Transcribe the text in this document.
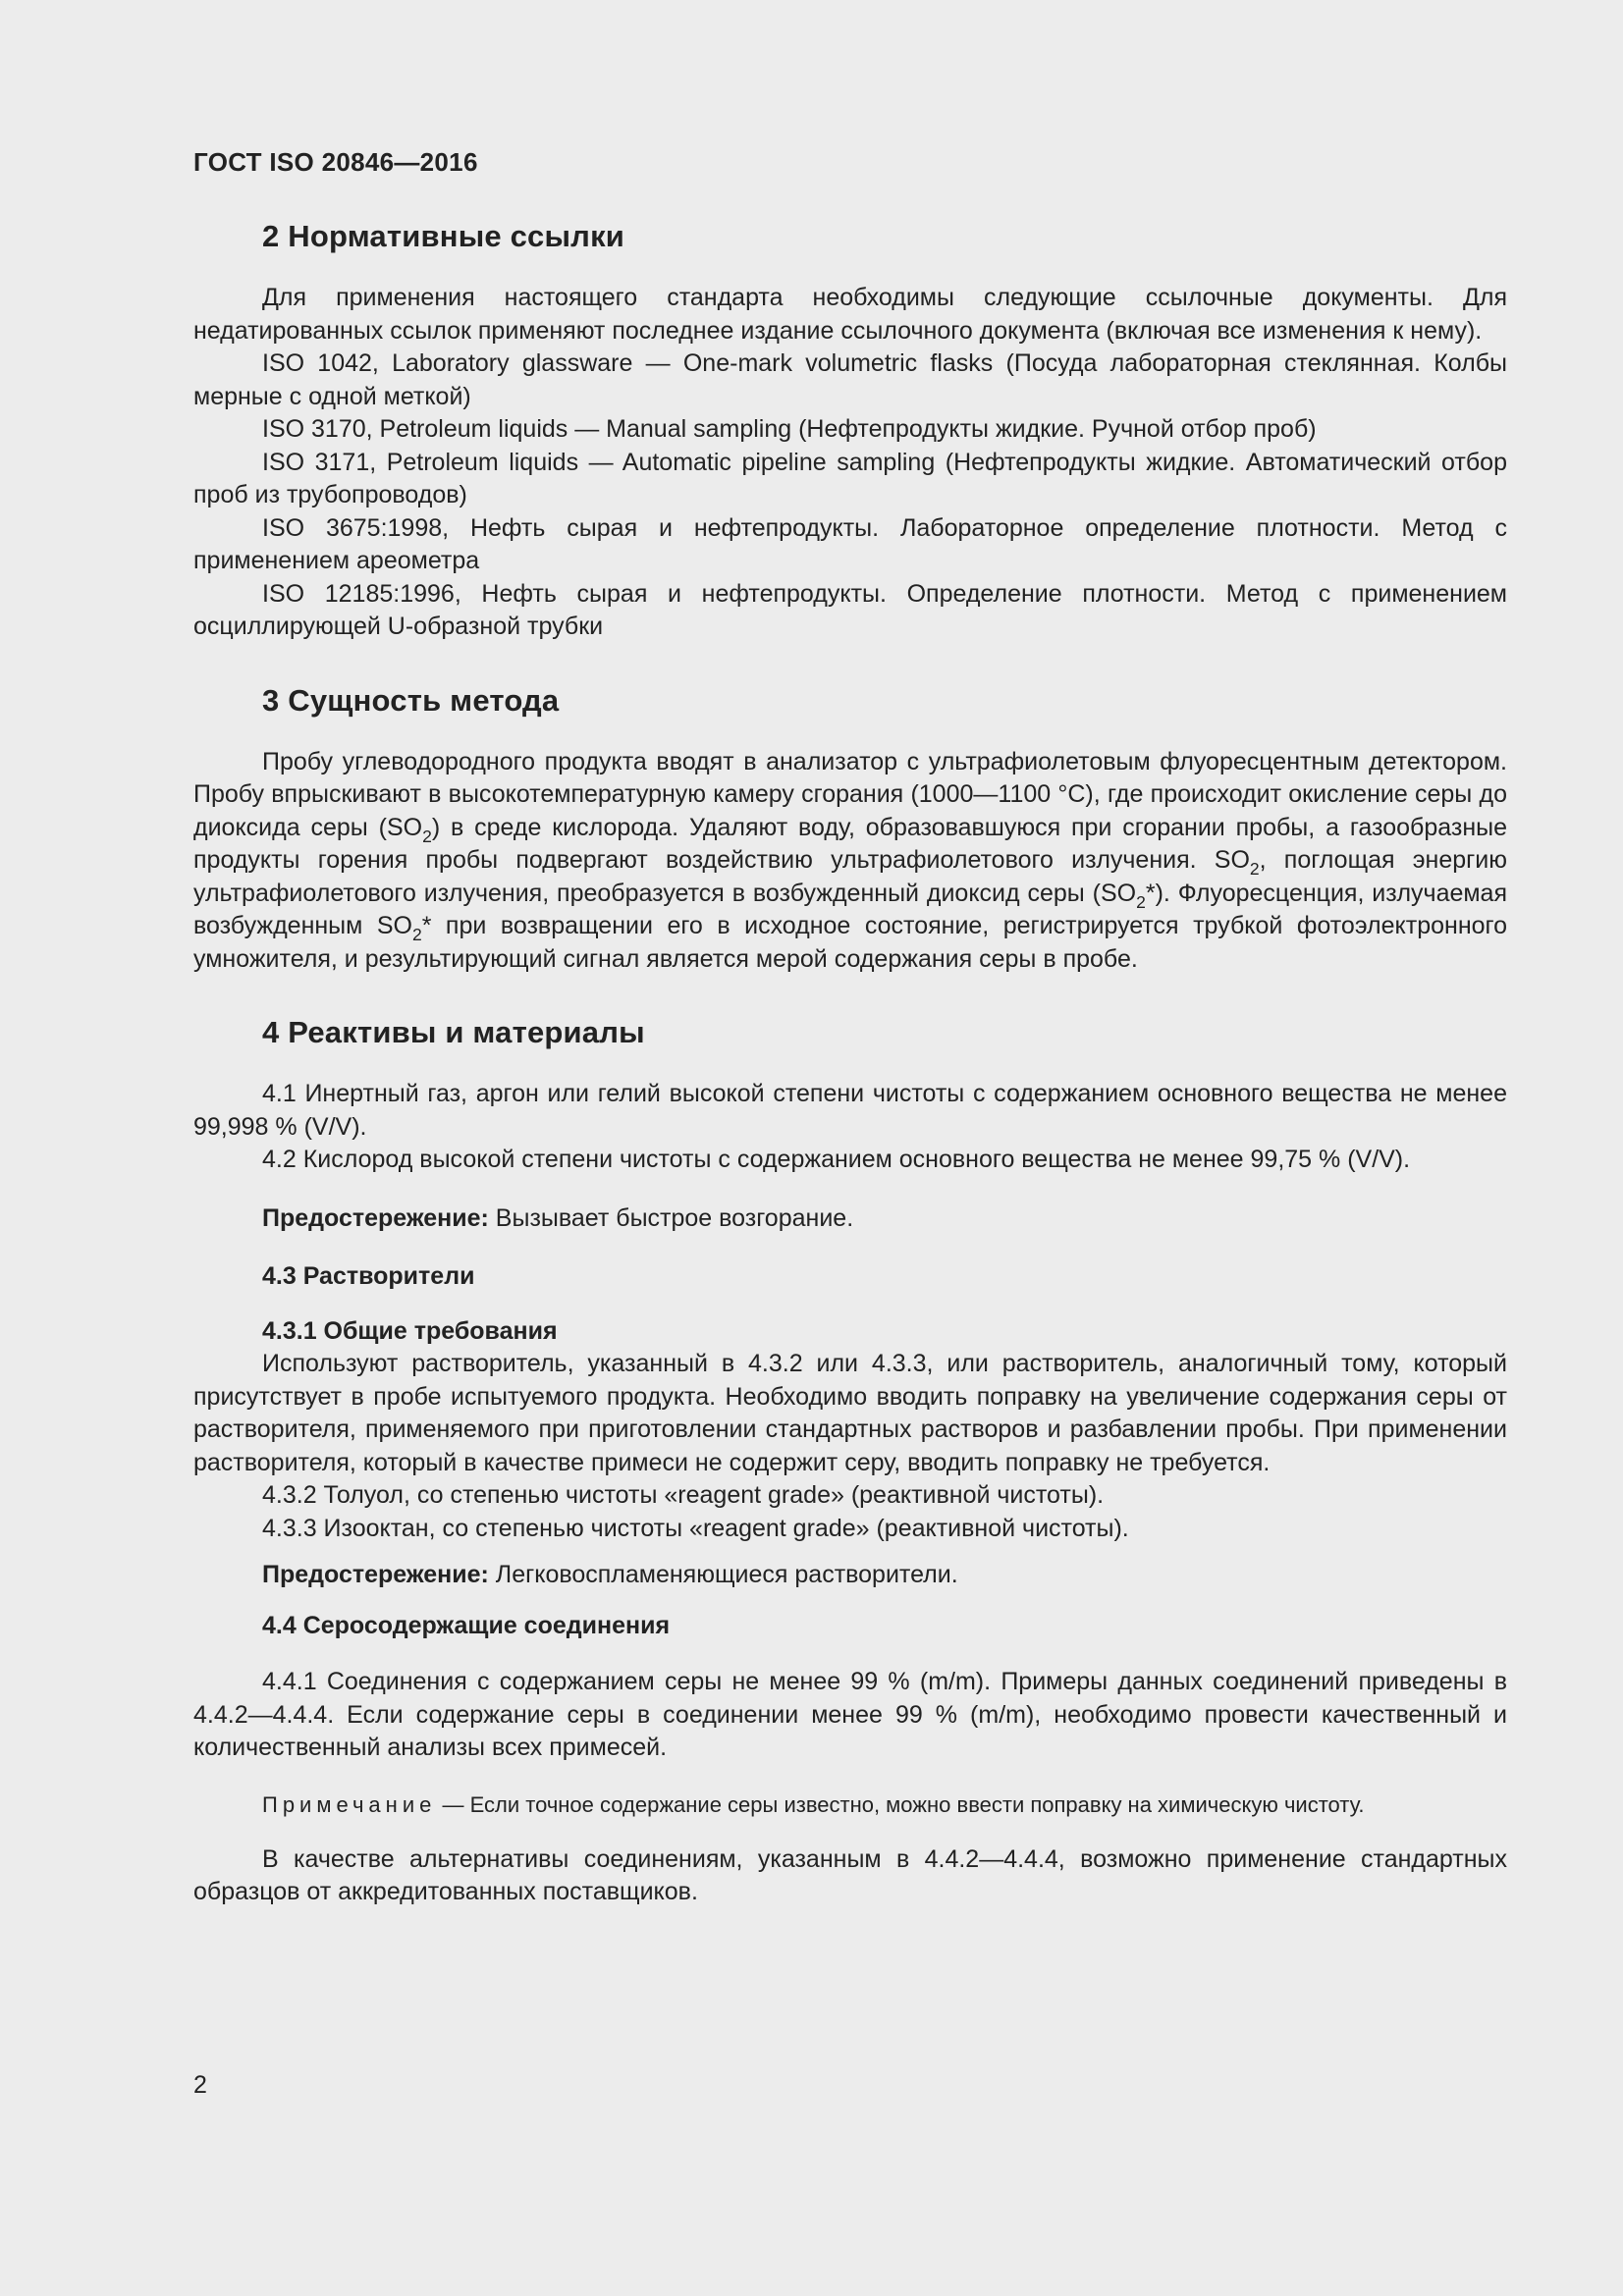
ГОСТ ISO 20846—2016
2 Нормативные ссылки

Для применения настоящего стандарта необходимы следующие ссылочные документы. Для недатированных ссылок применяют последнее издание ссылочного документа (включая все изменения к нему).

ISO 1042, Laboratory glassware — One-mark volumetric flasks (Посуда лабораторная стеклянная. Колбы мерные с одной меткой)

ISO 3170, Petroleum liquids — Manual sampling (Нефтепродукты жидкие. Ручной отбор проб)

ISO 3171, Petroleum liquids — Automatic pipeline sampling (Нефтепродукты жидкие. Автоматический отбор проб из трубопроводов)

ISO 3675:1998, Нефть сырая и нефтепродукты. Лабораторное определение плотности. Метод с применением ареометра

ISO 12185:1996, Нефть сырая и нефтепродукты. Определение плотности. Метод с применением осциллирующей U-образной трубки

3 Сущность метода

Пробу углеводородного продукта вводят в анализатор с ультрафиолетовым флуоресцентным детектором. Пробу впрыскивают в высокотемпературную камеру сгорания (1000—1100 °С), где происходит окисление серы до диоксида серы $(SO_2)$ в среде кислорода. Удаляют воду, образовавшуюся при сгорании пробы, а газообразные продукты горения пробы подвергают воздействию ультрафиолетового излучения. $SO_2$, поглощая энергию ультрафиолетового излучения, преобразуется в возбужденный диоксид серы $(SO_2*)$. Флуоресценция, излучаемая возбужденным $SO_2*$ при возвращении его в исходное состояние, регистрируется трубкой фотоэлектронного умножителя, и результирующий сигнал является мерой содержания серы в пробе.

4 Реактивы и материалы

4.1 Инертный газ, аргон или гелий высокой степени чистоты с содержанием основного вещества не менее 99,998 % (V/V).

4.2 Кислород высокой степени чистоты с содержанием основного вещества не менее 99,75 % (V/V).

Предостережение: Вызывает быстрое возгорание.

4.3 Растворители

4.3.1 Общие требования

Используют растворитель, указанный в 4.3.2 или 4.3.3, или растворитель, аналогичный тому, который присутствует в пробе испытуемого продукта. Необходимо вводить поправку на увеличение содержания серы от растворителя, применяемого при приготовлении стандартных растворов и разбавлении пробы. При применении растворителя, который в качестве примеси не содержит серу, вводить поправку не требуется.

4.3.2 Толуол, со степенью чистоты «reagent grade» (реактивной чистоты).

4.3.3 Изооктан, со степенью чистоты «reagent grade» (реактивной чистоты).

Предостережение: Легковоспламеняющиеся растворители.

4.4 Серосодержащие соединения

4.4.1 Соединения с содержанием серы не менее 99 % (m/m). Примеры данных соединений приведены в 4.4.2—4.4.4. Если содержание серы в соединении менее 99 % (m/m), необходимо провести качественный и количественный анализы всех примесей.

Примечание — Если точное содержание серы известно, можно ввести поправку на химическую чистоту.

В качестве альтернативы соединениям, указанным в 4.4.2—4.4.4, возможно применение стандартных образцов от аккредитованных поставщиков.

2
